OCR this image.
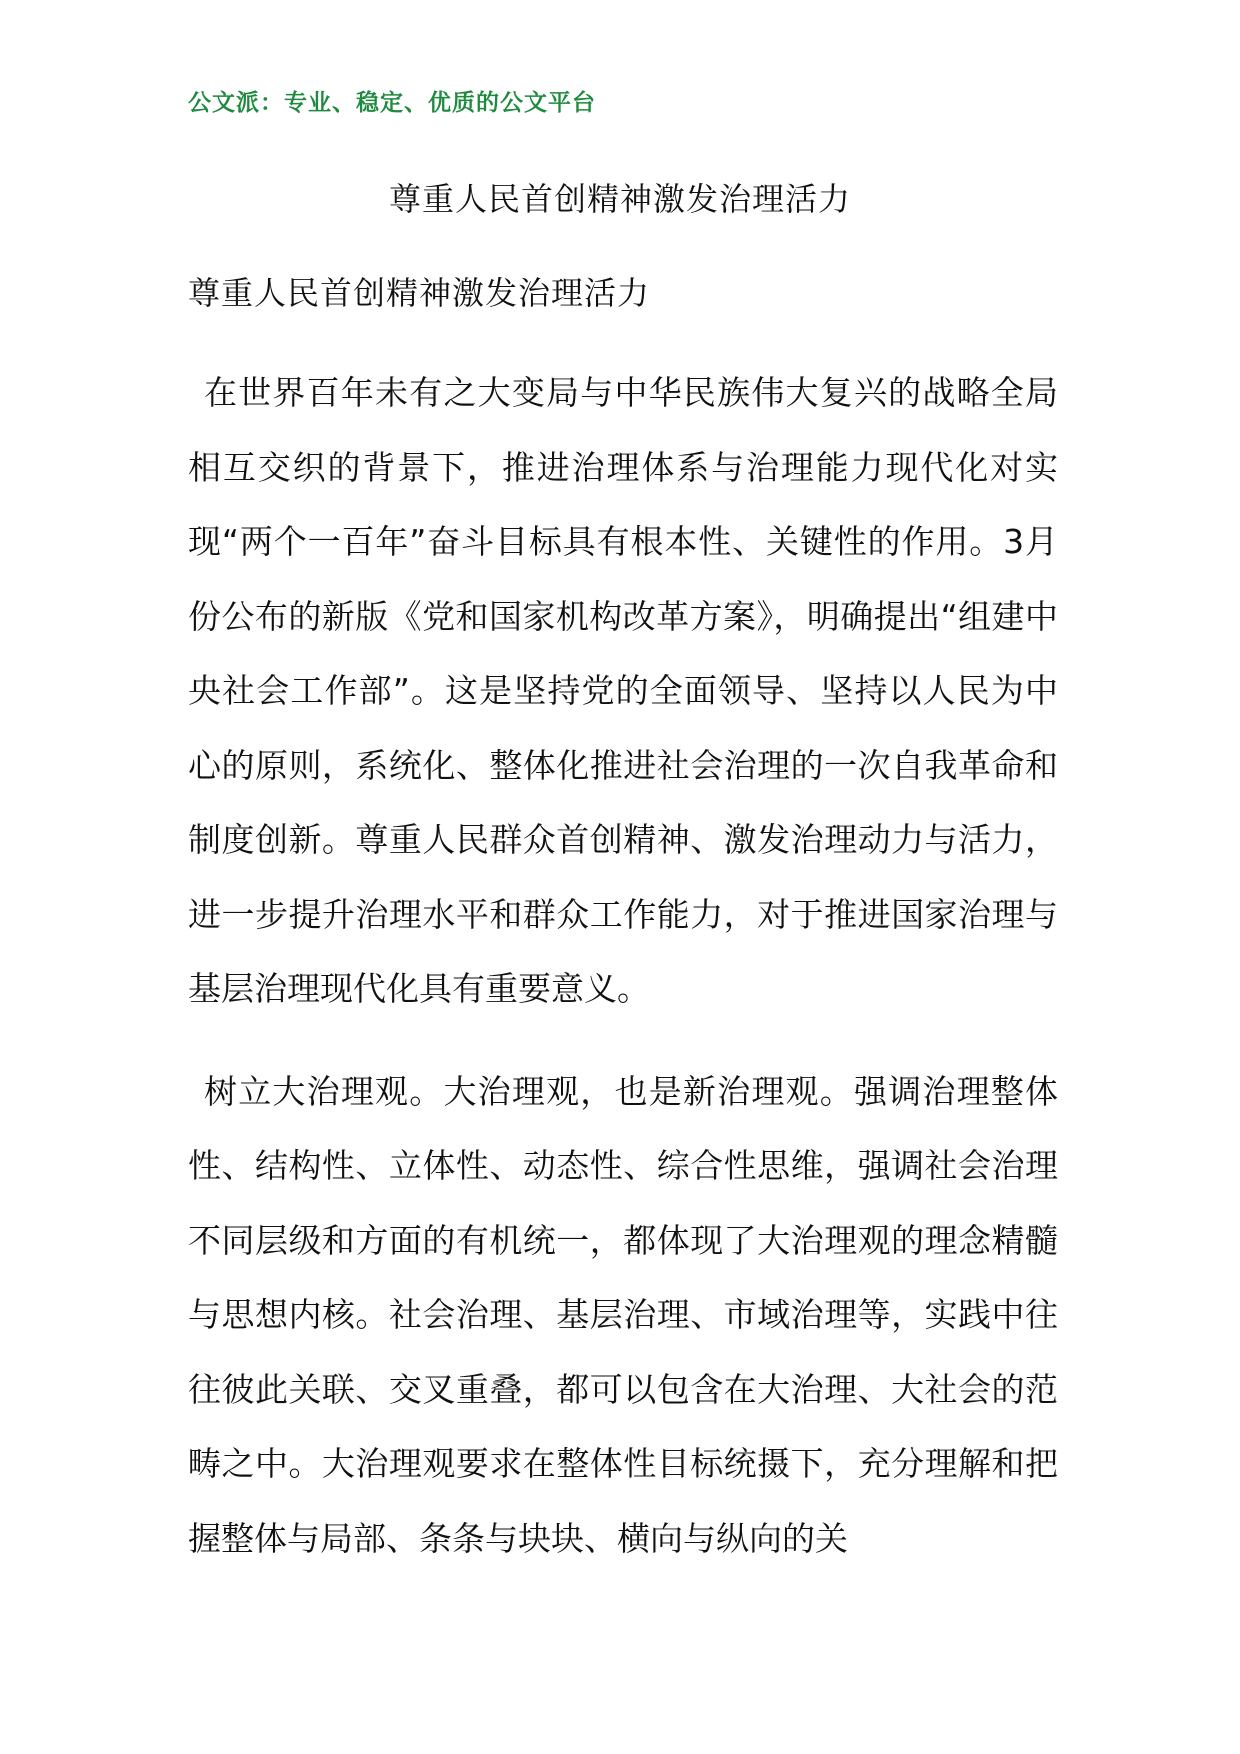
公文派：专业、稳定、优质的公文平台
尊重人民首创精神激发治理活力
尊重人民首创精神激发治理活力

在世界百年未有之大变局与中华民族伟大复兴的战略全局相互交织的背景下，推进治理体系与治理能力现代化对实现“两个一百年”奋斗目标具有根本性、关键性的作用。3月份公布的新版《党和国家机构改革方案》，明确提出“组建中央社会工作部”。这是坚持党的全面领导、坚持以人民为中心的原则，系统化、整体化推进社会治理的一次自我革命和制度创新。尊重人民群众首创精神、激发治理动力与活力，进一步提升治理水平和群众工作能力，对于推进国家治理与基层治理现代化具有重要意义。

树立大治理观。大治理观，也是新治理观。强调治理整体性、结构性、立体性、动态性、综合性思维，强调社会治理不同层级和方面的有机统一，都体现了大治理观的理念精髓与思想内核。社会治理、基层治理、市域治理等，实践中往往彼此关联、交叉重叠，都可以包含在大治理、大社会的范畴之中。大治理观要求在整体性目标统摄下，充分理解和把握整体与局部、条条与块块、横向与纵向的关
